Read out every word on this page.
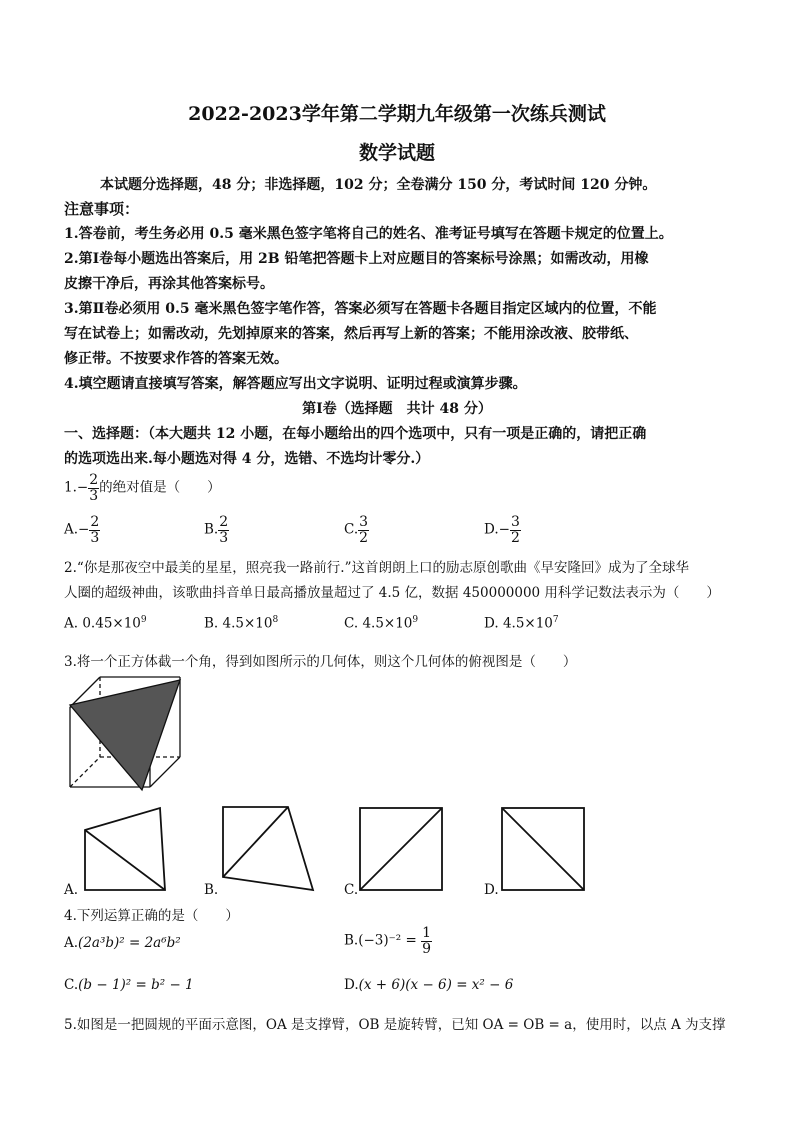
2022-2023学年第二学期九年级第一次练兵测试
数学试题
本试题分选择题，48 分；非选择题，102 分；全卷满分 150 分，考试时间 120 分钟。
注意事项：
1.答卷前，考生务必用 0.5 毫米黑色签字笔将自己的姓名、准考证号填写在答题卡规定的位置上。
2.第Ⅰ卷每小题选出答案后，用 2B 铅笔把答题卡上对应题目的答案标号涂黑；如需改动，用橡
皮擦干净后，再涂其他答案标号。
3.第Ⅱ卷必须用 0.5 毫米黑色签字笔作答，答案必须写在答题卡各题目指定区域内的位置，不能
写在试卷上；如需改动，先划掉原来的答案，然后再写上新的答案；不能用涂改液、胶带纸、
修正带。不按要求作答的答案无效。
4.填空题请直接填写答案，解答题应写出文字说明、证明过程或演算步骤。
第Ⅰ卷（选择题　共计 48 分）
一、选择题：（本大题共 12 小题，在每小题给出的四个选项中，只有一项是正确的，请把正确
的选项选出来.每小题选对得 4 分，选错、不选均计零分.）
$1.- \frac{2}{3}$ 的绝对值是（　　）
$A.- \frac{2}{3}$	B. $\frac{2}{3}$	C. $\frac{3}{2}$	$D.- \frac{3}{2}$
2.“你是那夜空中最美的星星，照亮我一路前行.”这首朗朗上口的励志原创歌曲《早安隆回》成为了全球华
人圈的超级神曲，该歌曲抖音单日最高播放量超过了 4.5 亿，数据 450000000 用科学记数法表示为（　　）
A. $0.45\times 10^9$	B. $4.5\times 10^8$	C. $4.5\times 10^9$	D. $4.5\times 10^7$
3.将一个正方体截一个角，得到如图所示的几何体，则这个几何体的俯视图是（　　）
A.	B.	C.	D.
4.下列运算正确的是（　　）
A.(2a³b)² = 2a⁶b²	$B.(-3)^{-2} = \frac{1}{9}$
C.(b − 1)² = b² − 1	D.(x + 6)(x − 6) = x² − 6
5.如图是一把圆规的平面示意图，OA 是支撑臂，OB 是旋转臂，已知 OA = OB = a，使用时，以点 A 为支撑
